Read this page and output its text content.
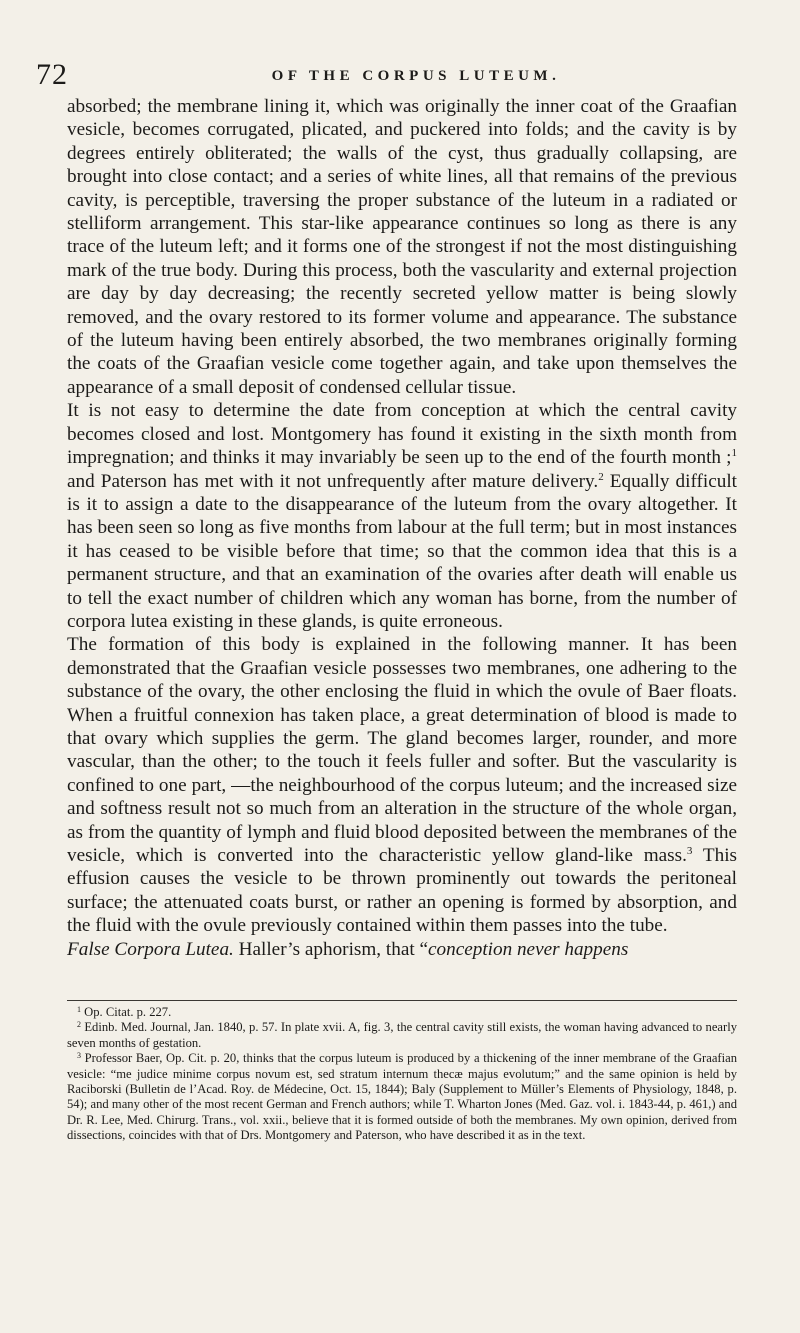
72	OF THE CORPUS LUTEUM.

absorbed; the membrane lining it, which was originally the inner coat of the Graafian vesicle, becomes corrugated, plicated, and puckered into folds; and the cavity is by degrees entirely obliterated; the walls of the cyst, thus gradually collapsing, are brought into close contact; and a series of white lines, all that remains of the previous cavity, is perceptible, traversing the proper substance of the luteum in a radiated or stelliform arrangement. This star-like appearance continues so long as there is any trace of the luteum left; and it forms one of the strongest if not the most distinguishing mark of the true body. During this process, both the vascularity and external projection are day by day decreasing; the recently secreted yellow matter is being slowly removed, and the ovary restored to its former volume and appearance. The substance of the luteum having been entirely absorbed, the two membranes originally forming the coats of the Graafian vesicle come together again, and take upon themselves the appearance of a small deposit of condensed cellular tissue.

It is not easy to determine the date from conception at which the central cavity becomes closed and lost. Montgomery has found it existing in the sixth month from impregnation; and thinks it may invariably be seen up to the end of the fourth month ;$^1$ and Paterson has met with it not unfrequently after mature delivery.$^2$ Equally difficult is it to assign a date to the disappearance of the luteum from the ovary altogether. It has been seen so long as five months from labour at the full term; but in most instances it has ceased to be visible before that time; so that the common idea that this is a permanent structure, and that an examination of the ovaries after death will enable us to tell the exact number of children which any woman has borne, from the number of corpora lutea existing in these glands, is quite erroneous.

The formation of this body is explained in the following manner. It has been demonstrated that the Graafian vesicle possesses two membranes, one adhering to the substance of the ovary, the other enclosing the fluid in which the ovule of Baer floats. When a fruitful connexion has taken place, a great determination of blood is made to that ovary which supplies the germ. The gland becomes larger, rounder, and more vascular, than the other; to the touch it feels fuller and softer. But the vascularity is confined to one part, —the neighbourhood of the corpus luteum; and the increased size and softness result not so much from an alteration in the structure of the whole organ, as from the quantity of lymph and fluid blood deposited between the membranes of the vesicle, which is converted into the characteristic yellow gland-like mass.$^3$ This effusion causes the vesicle to be thrown prominently out towards the peritoneal surface; the attenuated coats burst, or rather an opening is formed by absorption, and the fluid with the ovule previously contained within them passes into the tube.

False Corpora Lutea. Haller’s aphorism, that “conception never happens

$^1$ Op. Citat. p. 227.

$^2$ Edinb. Med. Journal, Jan. 1840, p. 57. In plate xvii. A, fig. 3, the central cavity still exists, the woman having advanced to nearly seven months of gestation.

$^3$ Professor Baer, Op. Cit. p. 20, thinks that the corpus luteum is produced by a thickening of the inner membrane of the Graafian vesicle: “me judice minime corpus novum est, sed stratum internum thecæ majus evolutum;” and the same opinion is held by Raciborski (Bulletin de l’Acad. Roy. de Médecine, Oct. 15, 1844); Baly (Supplement to Müller’s Elements of Physiology, 1848, p. 54); and many other of the most recent German and French authors; while T. Wharton Jones (Med. Gaz. vol. i. 1843-44, p. 461,) and Dr. R. Lee, Med. Chirurg. Trans., vol. xxii., believe that it is formed outside of both the membranes. My own opinion, derived from dissections, coincides with that of Drs. Montgomery and Paterson, who have described it as in the text.
